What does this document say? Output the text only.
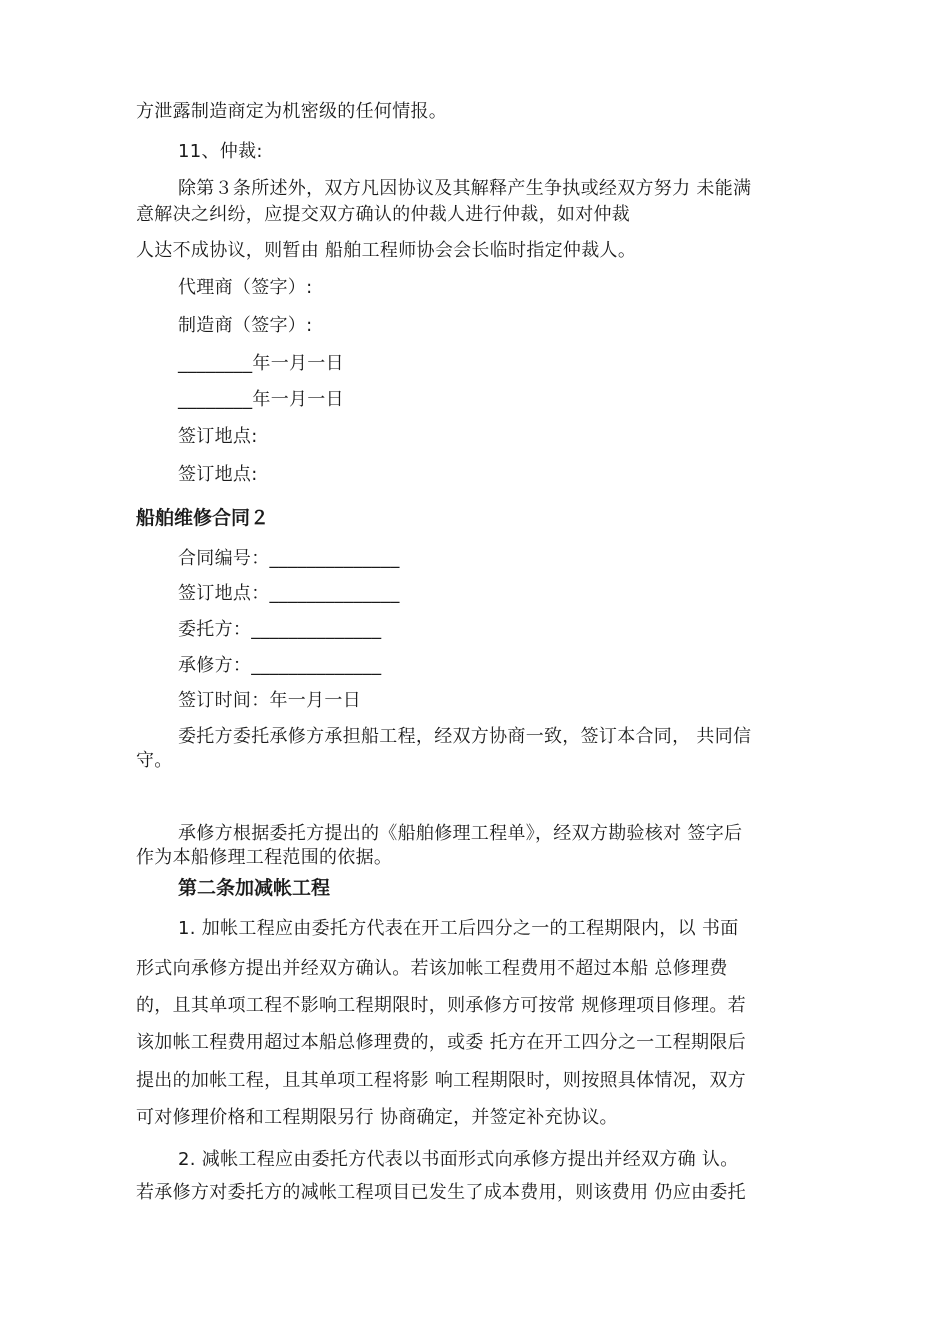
方泄露制造商定为机密级的任何情报。
11、仲裁:
除第３条所述外，双方凡因协议及其解释产生争执或经双方努力 未能满
意解决之纠纷，应提交双方确认的仲裁人进行仲裁，如对仲裁
人达不成协议，则暂由 船舶工程师协会会长临时指定仲裁人。
代理商（签字）:
制造商（签字）:
________年一月一日
________年一月一日
签订地点:
签订地点:
船舶维修合同２
合同编号：______________
签订地点：______________
委托方：______________
承修方：______________
签订时间：年一月一日
委托方委托承修方承担船工程，经双方协商一致，签订本合同， 共同信
守。
承修方根据委托方提出的《船舶修理工程单》，经双方勘验核对 签字后
作为本船修理工程范围的依据。
第二条加减帐工程
1. 加帐工程应由委托方代表在开工后四分之一的工程期限内，以 书面
形式向承修方提出并经双方确认。若该加帐工程费用不超过本船 总修理费
的，且其单项工程不影响工程期限时，则承修方可按常 规修理项目修理。若
该加帐工程费用超过本船总修理费的，或委 托方在开工四分之一工程期限后
提出的加帐工程，且其单项工程将影 响工程期限时，则按照具体情况，双方
可对修理价格和工程期限另行 协商确定，并签定补充协议。
2. 减帐工程应由委托方代表以书面形式向承修方提出并经双方确 认。
若承修方对委托方的减帐工程项目已发生了成本费用，则该费用 仍应由委托
